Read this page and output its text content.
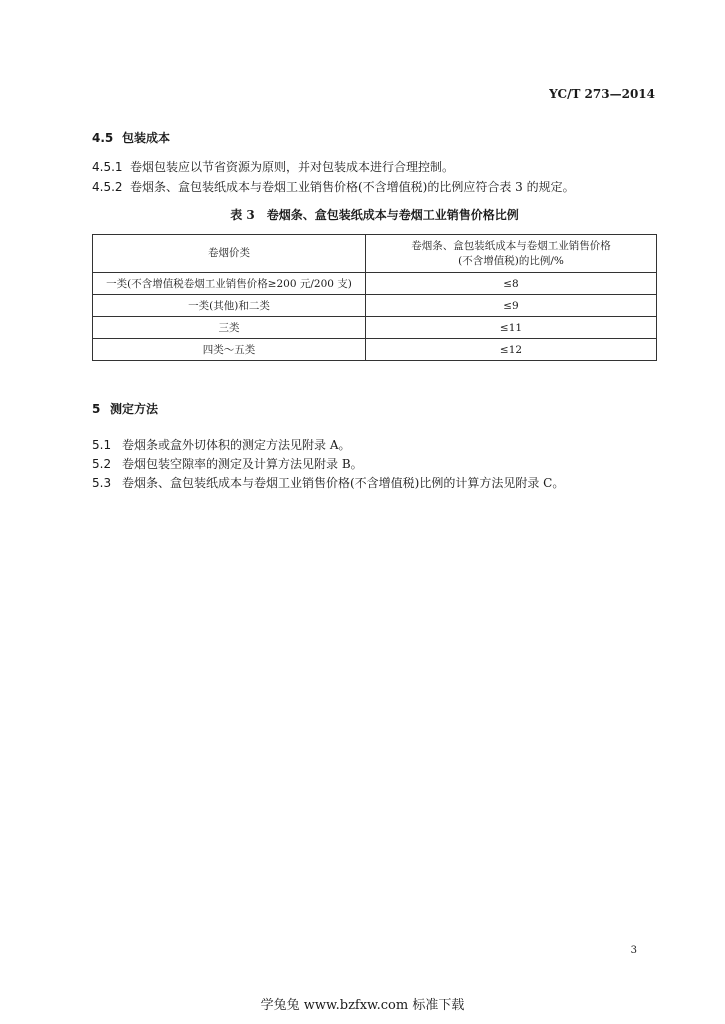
YC/T 273—2014
4.5 包装成本
4.5.1 卷烟包装应以节省资源为原则，并对包装成本进行合理控制。
4.5.2 卷烟条、盒包装纸成本与卷烟工业销售价格(不含增值税)的比例应符合表 3 的规定。
表 3　卷烟条、盒包装纸成本与卷烟工业销售价格比例
卷烟价类	卷烟条、盒包装纸成本与卷烟工业销售价格
(不含增值税)的比例/%

一类(不含增值税卷烟工业销售价格≥200 元/200 支)	≤8
一类(其他)和二类	≤9
三类	≤11
四类～五类	≤12
5 测定方法
5.1 卷烟条或盒外切体积的测定方法见附录 A。
5.2 卷烟包装空隙率的测定及计算方法见附录 B。
5.3 卷烟条、盒包装纸成本与卷烟工业销售价格(不含增值税)比例的计算方法见附录 C。
3
学兔兔 www.bzfxw.com 标准下载
